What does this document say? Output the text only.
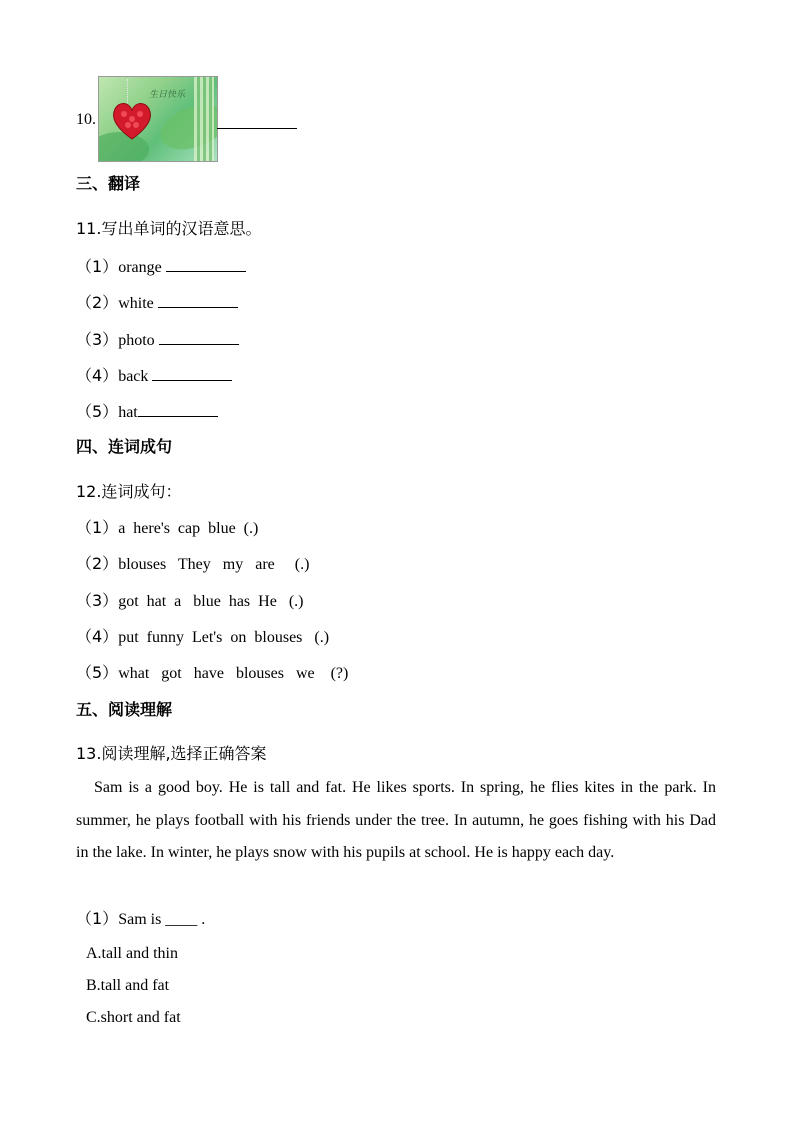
10.
生日快乐
三、翻译
11.写出单词的汉语意思。
（1）orange
（2）white
（3）photo
（4）back
（5）hat
四、连词成句
12.连词成句：
（1）a  here's  cap  blue  (.)
（2）blouses   They   my   are     (.)
（3）got  hat  a   blue  has  He   (.)
（4）put  funny  Let's  on  blouses   (.)
（5）what   got   have   blouses   we    (?)
五、阅读理解
13.阅读理解,选择正确答案
Sam is a good boy. He is tall and fat. He likes sports. In spring, he flies kites in the park. In summer, he plays football with his friends under the tree. In autumn, he goes fishing with his Dad in the lake. In winter, he plays snow with his pupils at school. He is happy each day.
（1）Sam is ____ .
A.tall and thin
B.tall and fat
C.short and fat
